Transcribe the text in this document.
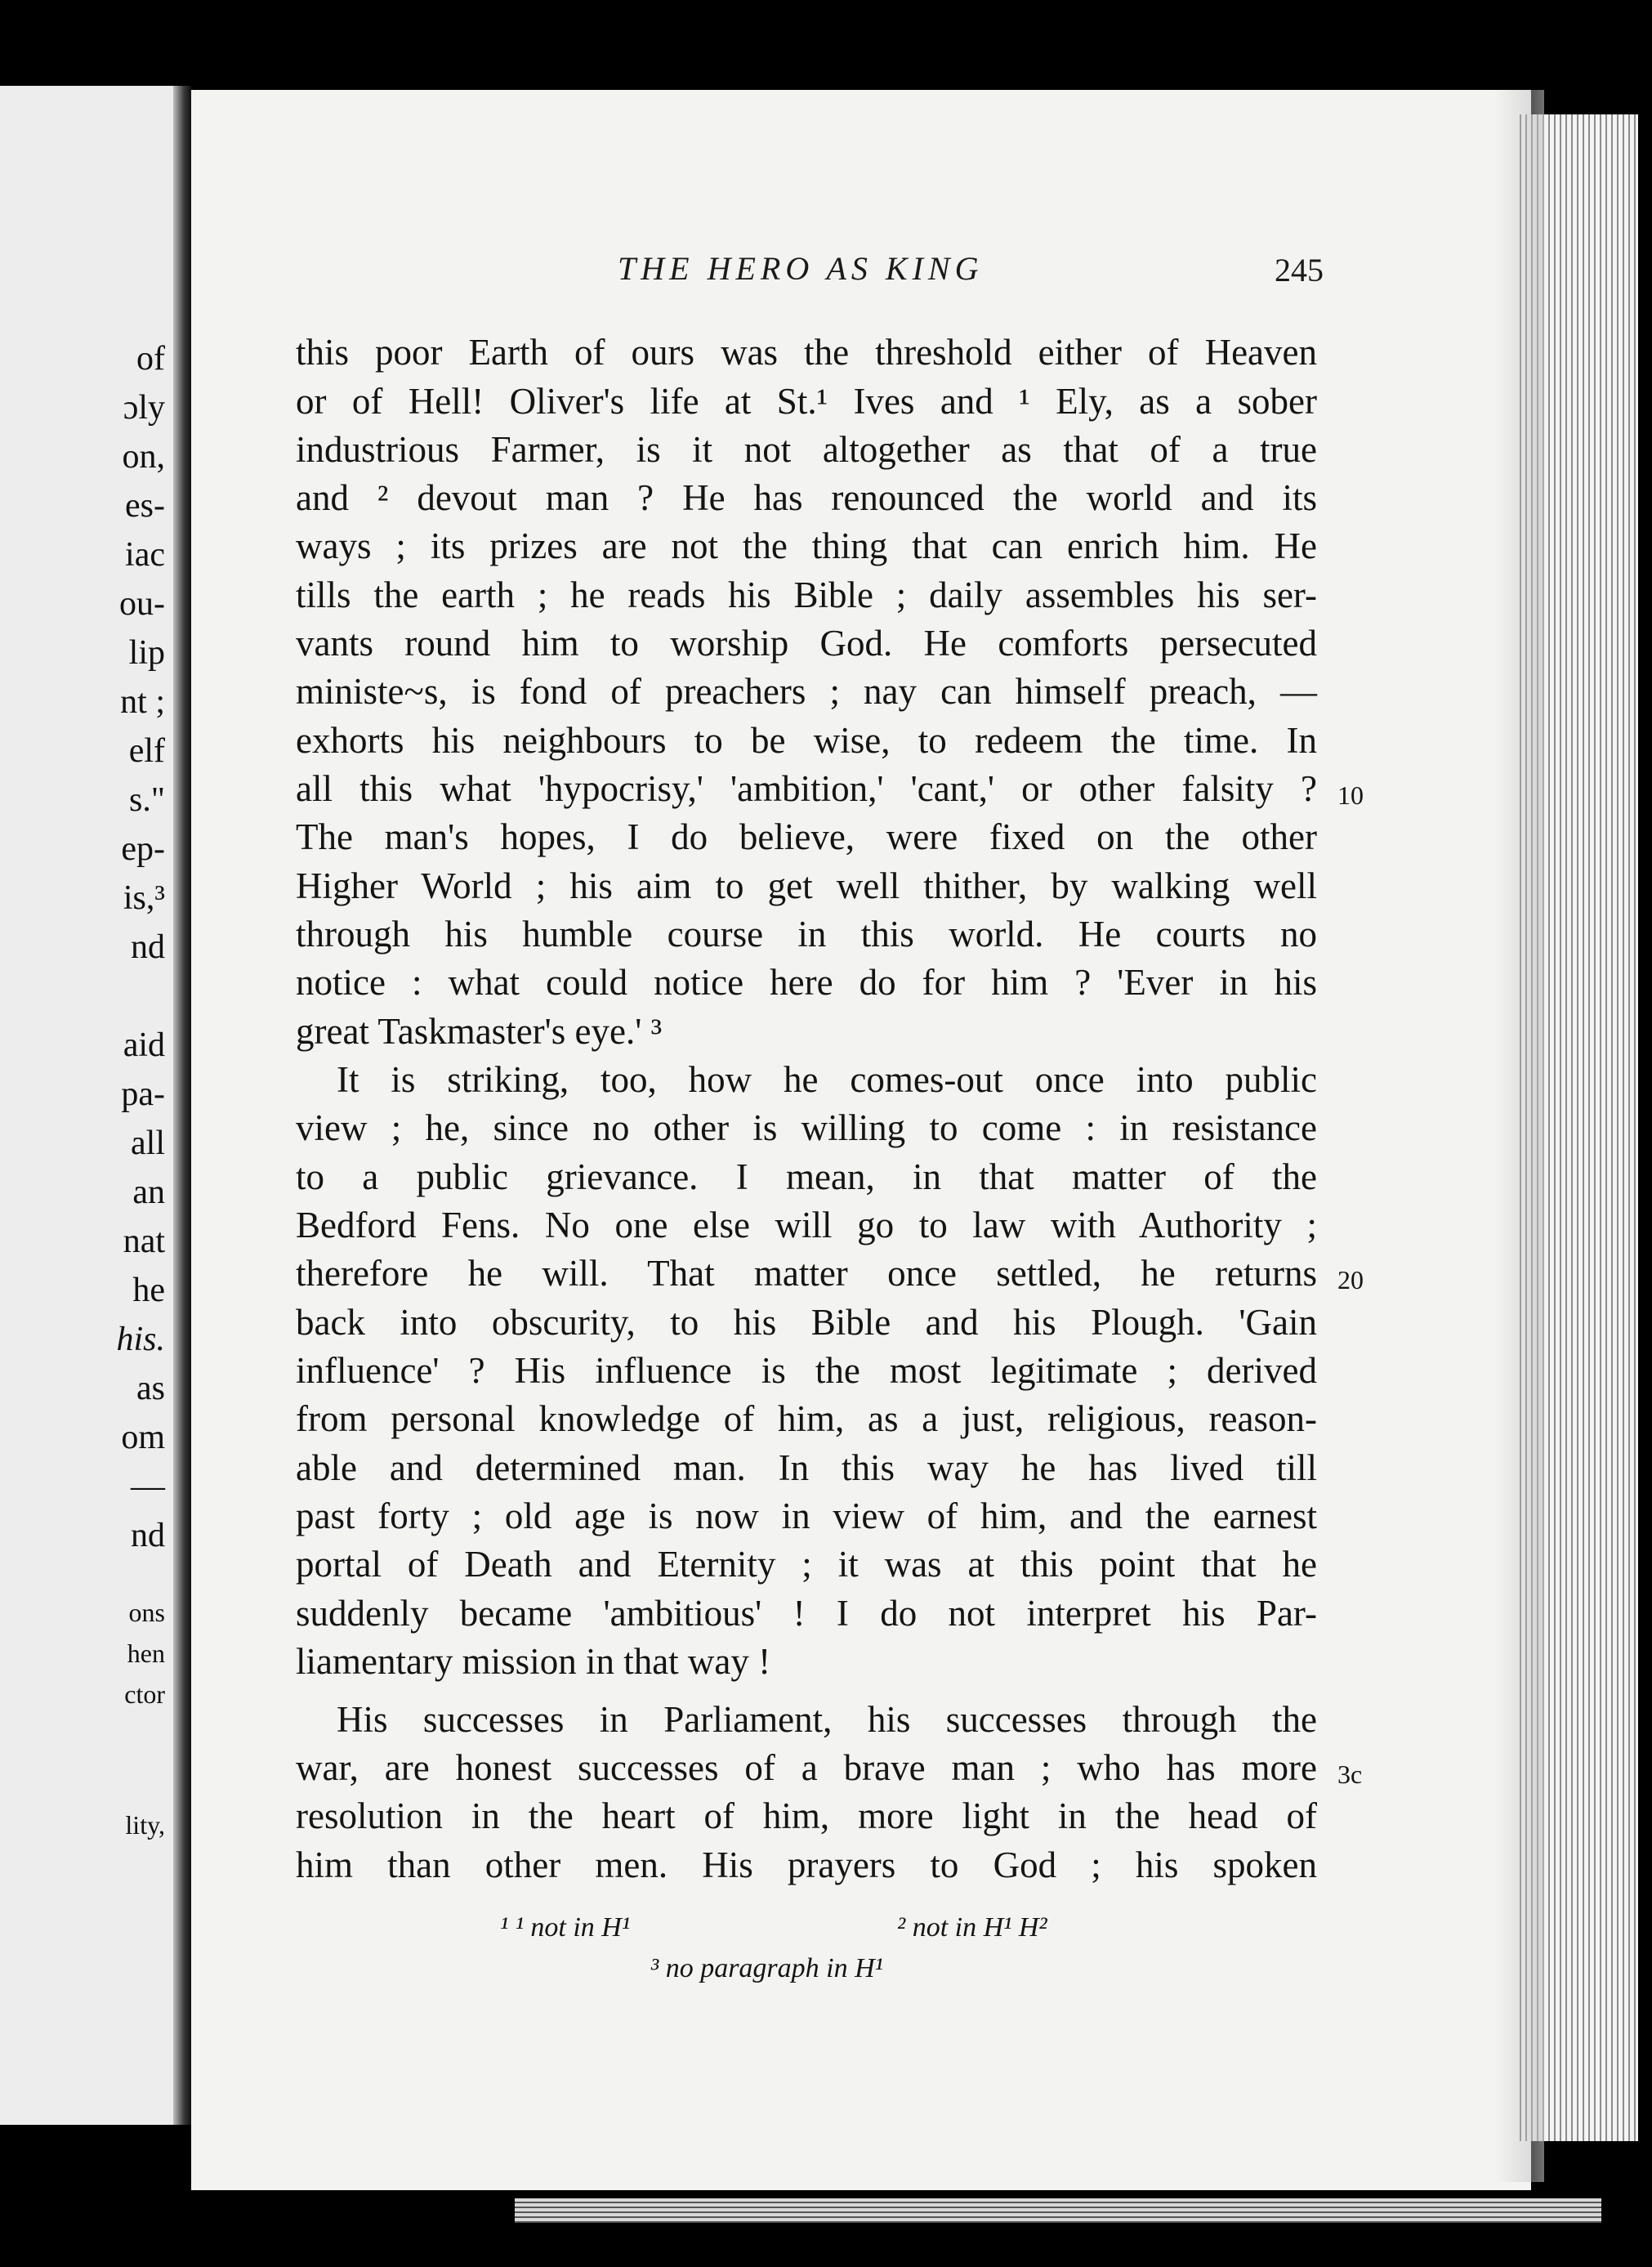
of
ɔly
on,
es-
iac
ou-
lip
nt ;
elf
s."
ep-
is,³
nd
aid
pa-
all
an
nat
he
his.
as
om
—
nd
ons
hen
ctor
lity,
THE HERO AS KING	245
this poor Earth of ours was the threshold either of Heaven
or of Hell! Oliver's life at St.¹ Ives and ¹ Ely, as a sober
industrious Farmer, is it not altogether as that of a true
and ² devout man ? He has renounced the world and its
ways ; its prizes are not the thing that can enrich him. He
tills the earth ; he reads his Bible ; daily assembles his ser-
vants round him to worship God. He comforts persecuted
ministe~s, is fond of preachers ; nay can himself preach, —
exhorts his neighbours to be wise, to redeem the time. In
all this what 'hypocrisy,' 'ambition,' 'cant,' or other falsity ?
The man's hopes, I do believe, were fixed on the other
Higher World ; his aim to get well thither, by walking well
through his humble course in this world. He courts no
notice : what could notice here do for him ? 'Ever in his
great Taskmaster's eye.' ³
It is striking, too, how he comes-out once into public
view ; he, since no other is willing to come : in resistance
to a public grievance. I mean, in that matter of the
Bedford Fens. No one else will go to law with Authority ;
therefore he will. That matter once settled, he returns
back into obscurity, to his Bible and his Plough. 'Gain
influence' ? His influence is the most legitimate ; derived
from personal knowledge of him, as a just, religious, reason-
able and determined man. In this way he has lived till
past forty ; old age is now in view of him, and the earnest
portal of Death and Eternity ; it was at this point that he
suddenly became 'ambitious' ! I do not interpret his Par-
liamentary mission in that way !
His successes in Parliament, his successes through the
war, are honest successes of a brave man ; who has more
resolution in the heart of him, more light in the head of
him than other men. His prayers to God ; his spoken
10
20
3c
¹ ¹ not in H¹	² not in H¹ H²
³ no paragraph in H¹
